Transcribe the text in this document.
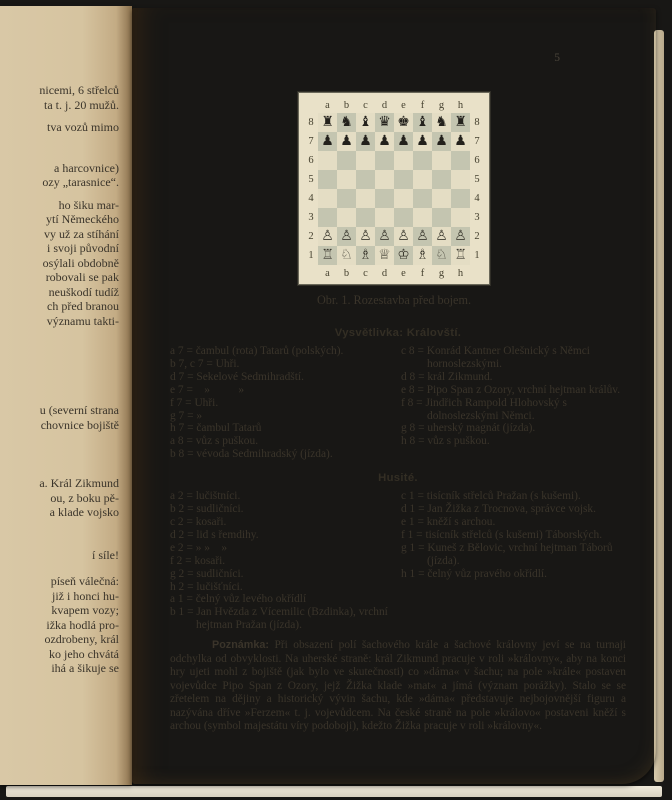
nicemi, 6 střelců
ta t. j. 20 mužů.
tva vozů mimo
a harcovnice)
ozy „tarasnice“.
ho šiku mar-
ytí Německého
vy už za stíhání
i svoji původní
osýlali obdobně
robovali se pak
neuškodí tudíž
ch před branou
významu takti-
u (severní strana
chovnice bojiště
a. Král Zikmund
ou, z boku pě-
a klade vojsko
í síle!
píseň válečná:
již i honci hu-
kvapem vozy;
ižka hodlá pro-
ozdrobeny, král
ko jeho chvátá
ihá a šikuje se
5
a	b	c	d	e	f	g	h
8 ♜ ♞ ♝ ♛ ♚ ♝ ♞ ♜ 8
7 ♟ ♟ ♟ ♟ ♟ ♟ ♟ ♟ 7
6	6
5	5
4	4
3	3
2 ♙ ♙ ♙ ♙ ♙ ♙ ♙ ♙ 2
1 ♖ ♘ ♗ ♕ ♔ ♗ ♘ ♖ 1
a	b	c	d	e	f	g	h
Obr. 1. Rozestavba před bojem.
Vysvětlivka: Královští.
a 7 = čambul (rota) Tatarů (polských).
b 7, c 7 = Uhři.
d 7 = Sekelové Sedmihradští.
e 7 =    »          »
f 7 = Uhři.
g 7 = »
h 7 = čambul Tatarů
a 8 = vůz s puškou.
b 8 = vévoda Sedmihradský (jízda).
c 8 = Konrád Kantner Olešnický s Němci hornoslezskými.
d 8 = král Zikmund.
e 8 = Pipo Span z Ozory, vrchní hejtman králův.
f 8 = Jindřich Rampold Hlohovský s dolnoslezskými Němci.
g 8 = uherský magnát (jízda).
h 8 = vůz s puškou.
Husité.
a 2 = lučištníci.
b 2 = sudličníci.
c 2 = kosaři.
d 2 = lid s řemdihy.
e 2 = » »    »
f 2 = kosaři.
g 2 = sudličníci.
h 2 = lučišťníci.
a 1 = čelný vůz levého okřídlí
b 1 = Jan Hvězda z Vícemilic (Bzdinka), vrchní hejtman Pražan (jízda).
c 1 = tisícník střelců Pražan (s kušemi).
d 1 = Jan Žižka z Trocnova, správce vojsk.
e 1 = kněží s archou.
f 1 = tisícník střelců (s kušemi) Táborských.
g 1 = Kuneš z Bělovic, vrchní hejtman Táborů (jízda).
h 1 = čelný vůz pravého okřídlí.

Poznámka: Při obsazení polí šachového krále a šachové královny jeví se na turnaji odchylka od obvyklosti. Na uherské straně: král Zikmund pracuje v roli »královny«, aby na konci hry ujeti mohl z bojiště (jak bylo ve skutečnosti) co »dáma« v šachu; na pole »krále« postaven vojevůdce Pipo Span z Ozory, jejž Žižka klade »mat« a jímá (význam porážky). Stalo se se zřetelem na dějiny a historický vývin šachu, kde »dáma« představuje nejbojovnější figuru a nazývána dříve »Ferzem« t. j. vojevůdcem. Na české straně na pole »královo« postaveni kněží s archou (symbol majestátu víry podoboji), kdežto Žižka pracuje v roli »královny«.
